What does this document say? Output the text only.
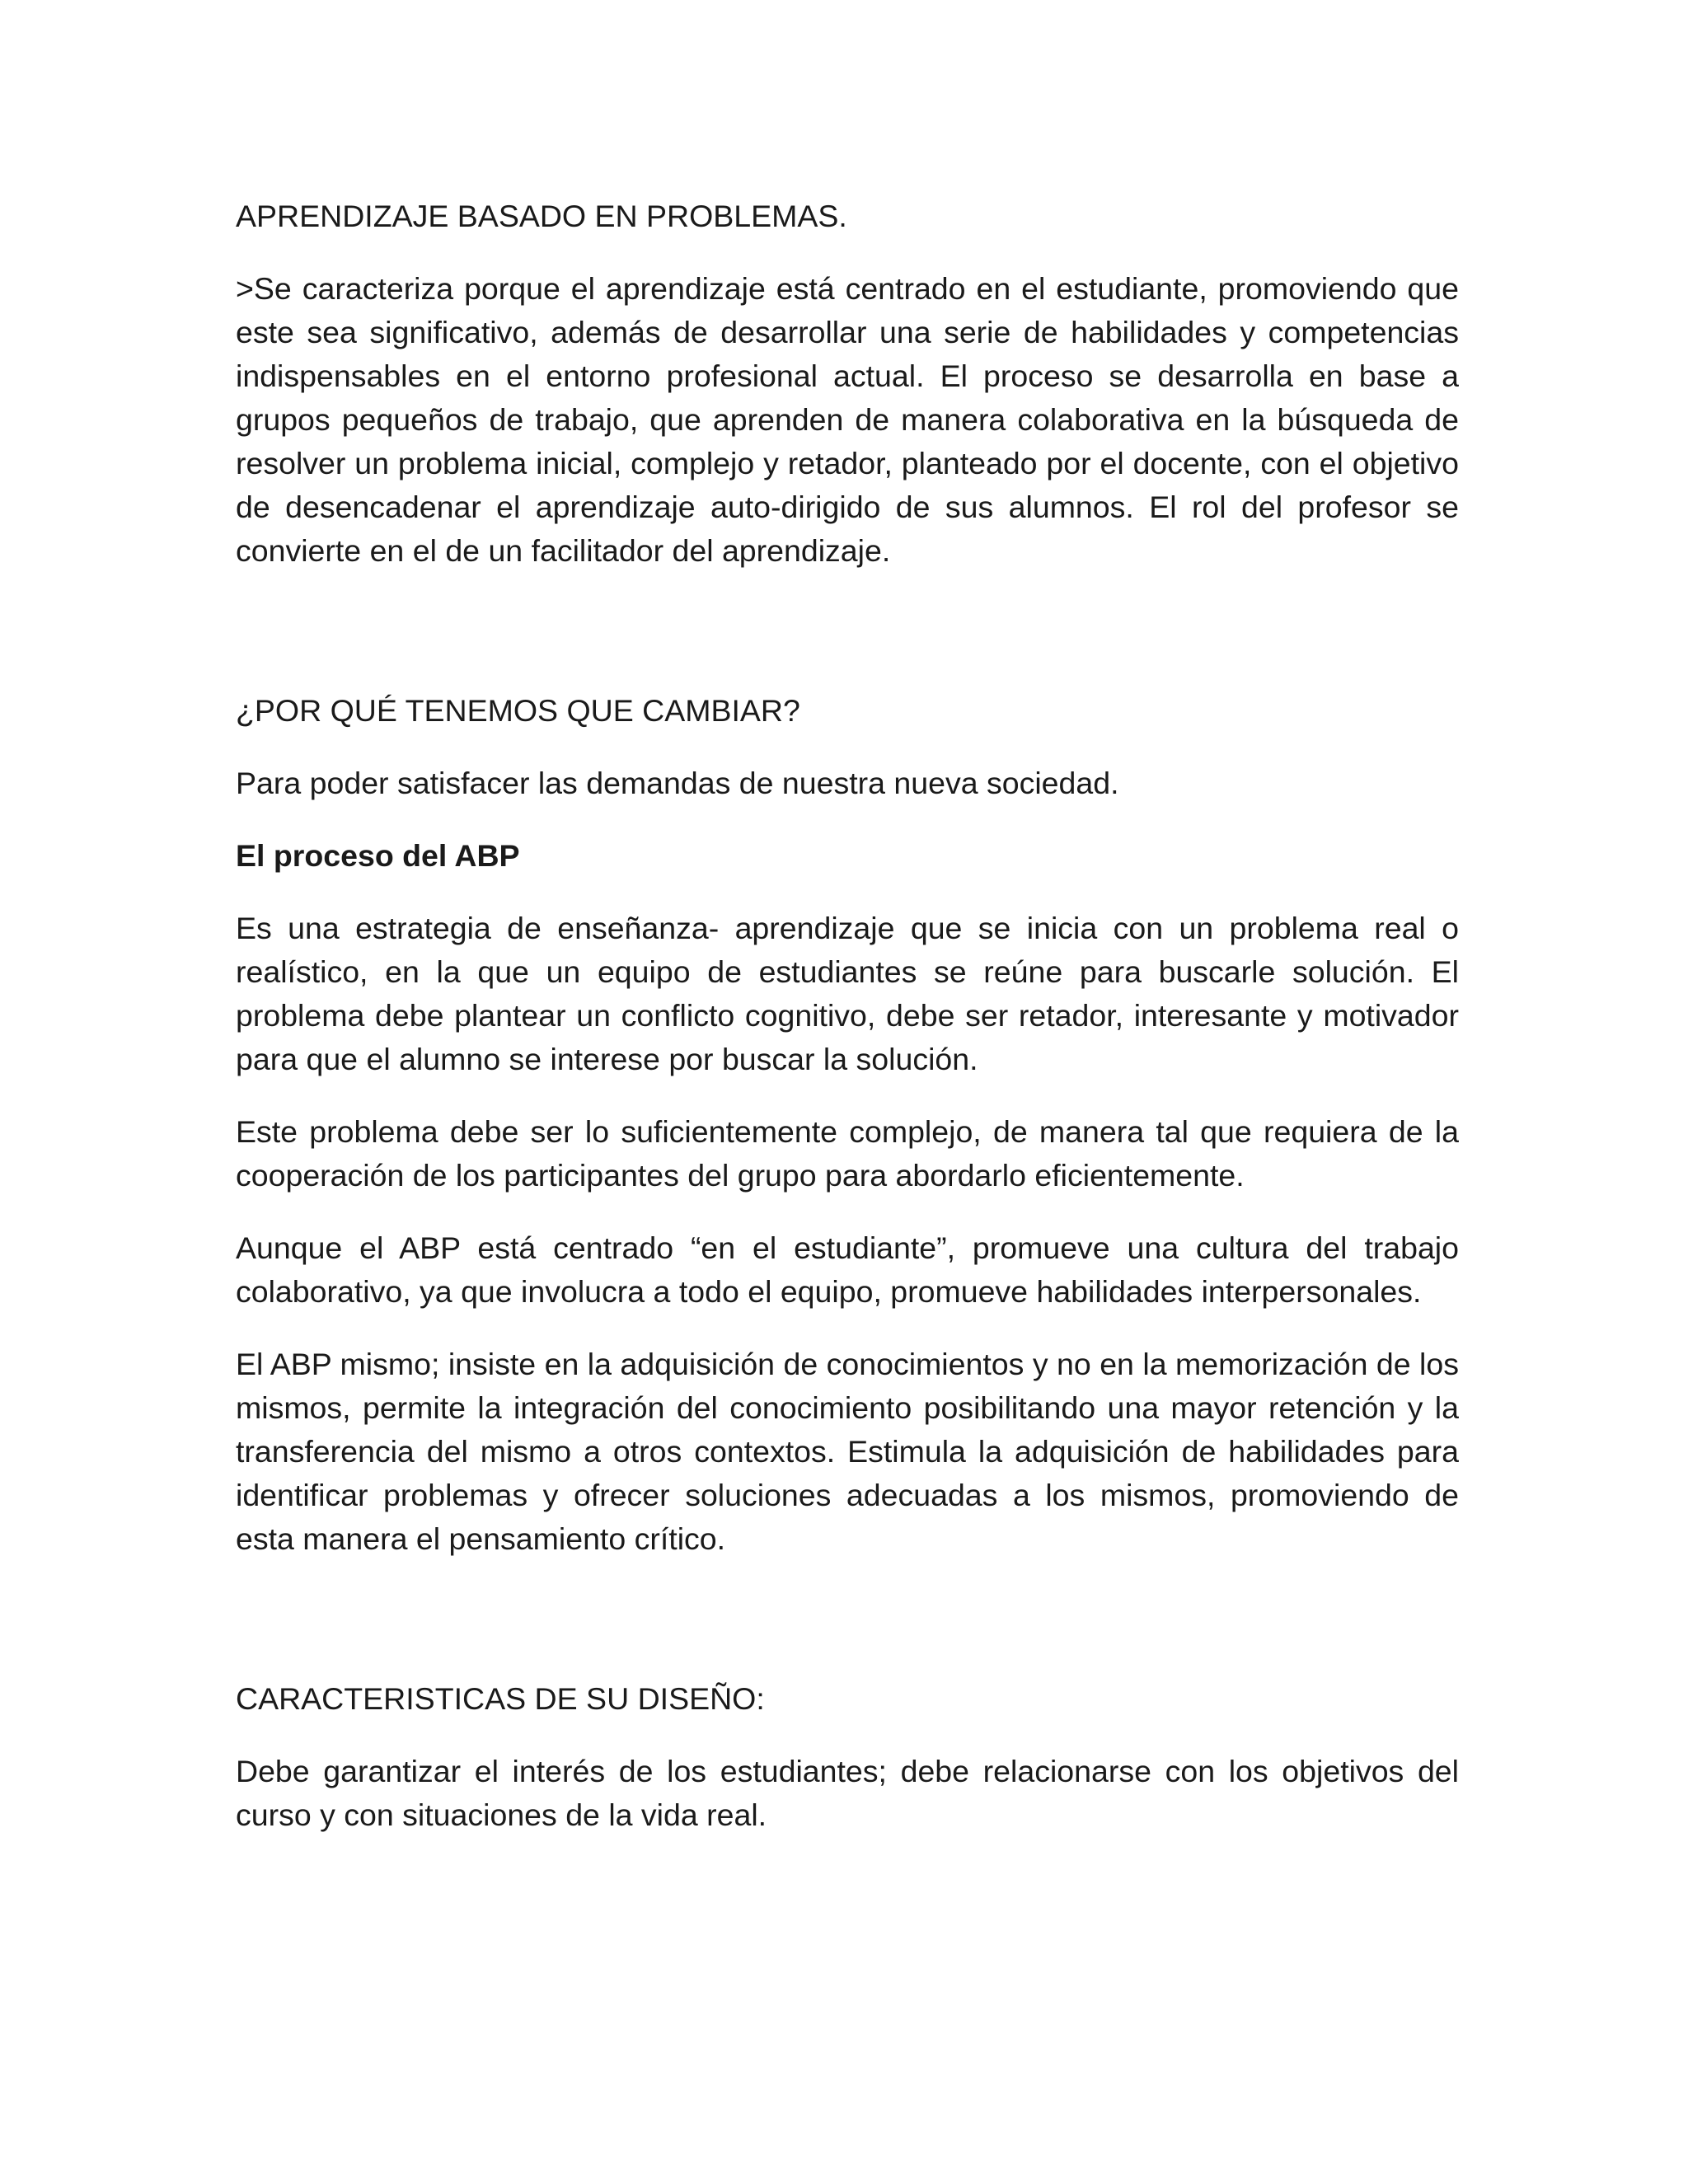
APRENDIZAJE BASADO EN PROBLEMAS.

>Se caracteriza porque el aprendizaje está centrado en el estudiante, promoviendo que este sea significativo, además de desarrollar una serie de habilidades y competencias indispensables en el entorno profesional actual. El proceso se desarrolla en base a grupos pequeños de trabajo, que aprenden de manera colaborativa en la búsqueda de resolver un problema inicial, complejo y retador, planteado por el docente, con el objetivo de desencadenar el aprendizaje auto-dirigido de sus alumnos. El rol del profesor se convierte en el de un facilitador del aprendizaje.

¿POR QUÉ TENEMOS QUE CAMBIAR?

Para poder satisfacer las demandas de nuestra nueva sociedad.

El proceso del ABP

Es una estrategia de enseñanza- aprendizaje que se inicia con un problema real o realístico, en la que un equipo de estudiantes se reúne para buscarle solución. El problema debe plantear un conflicto cognitivo, debe ser retador, interesante y motivador para que el alumno se interese por buscar la solución.

Este problema debe ser lo suficientemente complejo, de manera tal que requiera de la cooperación de los participantes del grupo para abordarlo eficientemente.

Aunque el ABP está centrado “en el estudiante”, promueve una cultura del trabajo colaborativo, ya que involucra a todo el equipo, promueve habilidades interpersonales.

El ABP mismo; insiste en la adquisición de conocimientos y no en la memorización de los mismos, permite la integración del conocimiento posibilitando una mayor retención y la transferencia del mismo a otros contextos. Estimula la adquisición de habilidades para identificar problemas y ofrecer soluciones adecuadas a los mismos, promoviendo de esta manera el pensamiento crítico.

CARACTERISTICAS DE SU DISEÑO:

Debe garantizar el interés de los estudiantes; debe relacionarse con los objetivos del curso y con situaciones de la vida real.
